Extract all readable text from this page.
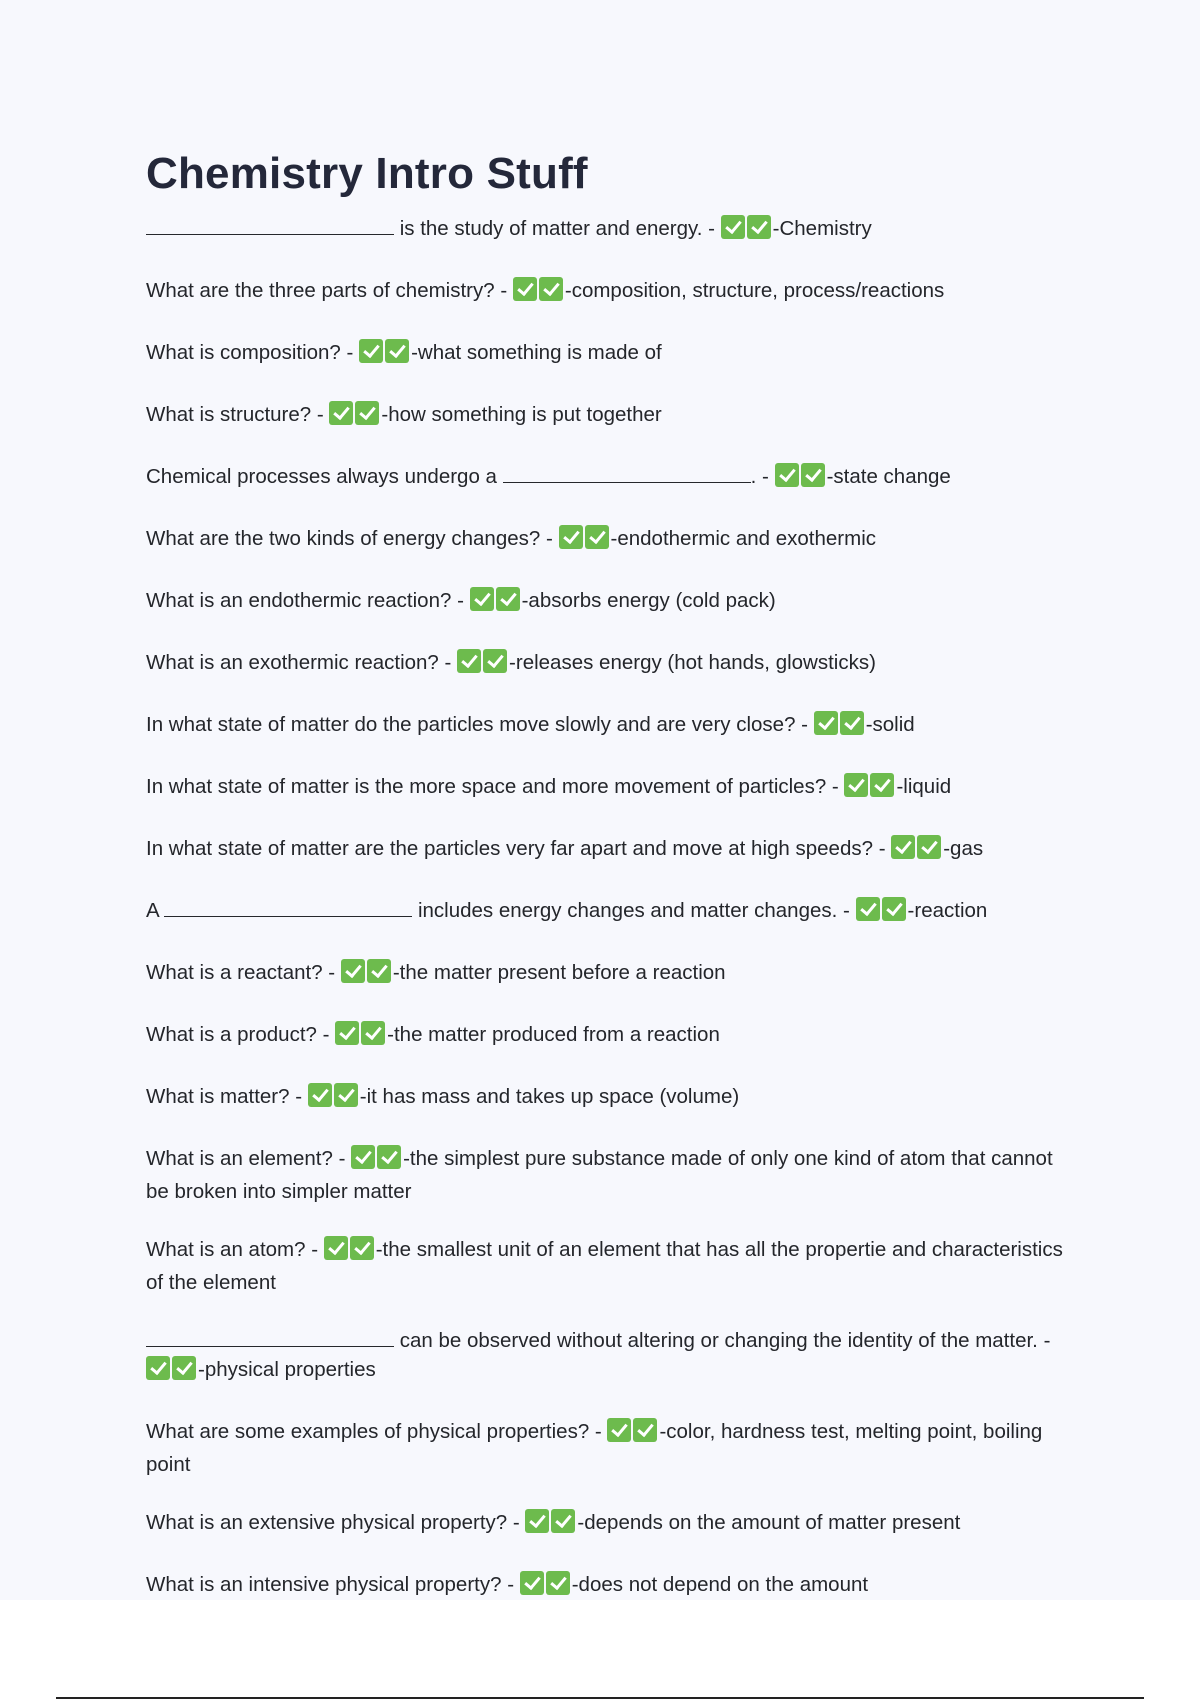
Chemistry Intro Stuff
is the study of matter and energy. -	-Chemistry
What are the three parts of chemistry? -	-composition, structure, process/reactions
What is composition? -	-what something is made of
What is structure? -	-how something is put together
Chemical processes always undergo a	. -	-state change
What are the two kinds of energy changes? -	-endothermic and exothermic
What is an endothermic reaction? -	-absorbs energy (cold pack)
What is an exothermic reaction? -	-releases energy (hot hands, glowsticks)
In what state of matter do the particles move slowly and are very close? -	-solid
In what state of matter is the more space and more movement of particles? -	-liquid
In what state of matter are the particles very far apart and move at high speeds? -	-gas
A	includes energy changes and matter changes. -	-reaction
What is a reactant? -	-the matter present before a reaction
What is a product? -	-the matter produced from a reaction
What is matter? -	-it has mass and takes up space (volume)
What is an element? -	-the simplest pure substance made of only one kind of atom that cannot be broken into simpler matter
What is an atom? -	-the smallest unit of an element that has all the propertie and characteristics of the element
can be observed without altering or changing the identity of the matter. - -physical properties
What are some examples of physical properties? -	-color, hardness test, melting point, boiling point
What is an extensive physical property? -	-depends on the amount of matter present
What is an intensive physical property? -	-does not depend on the amount
